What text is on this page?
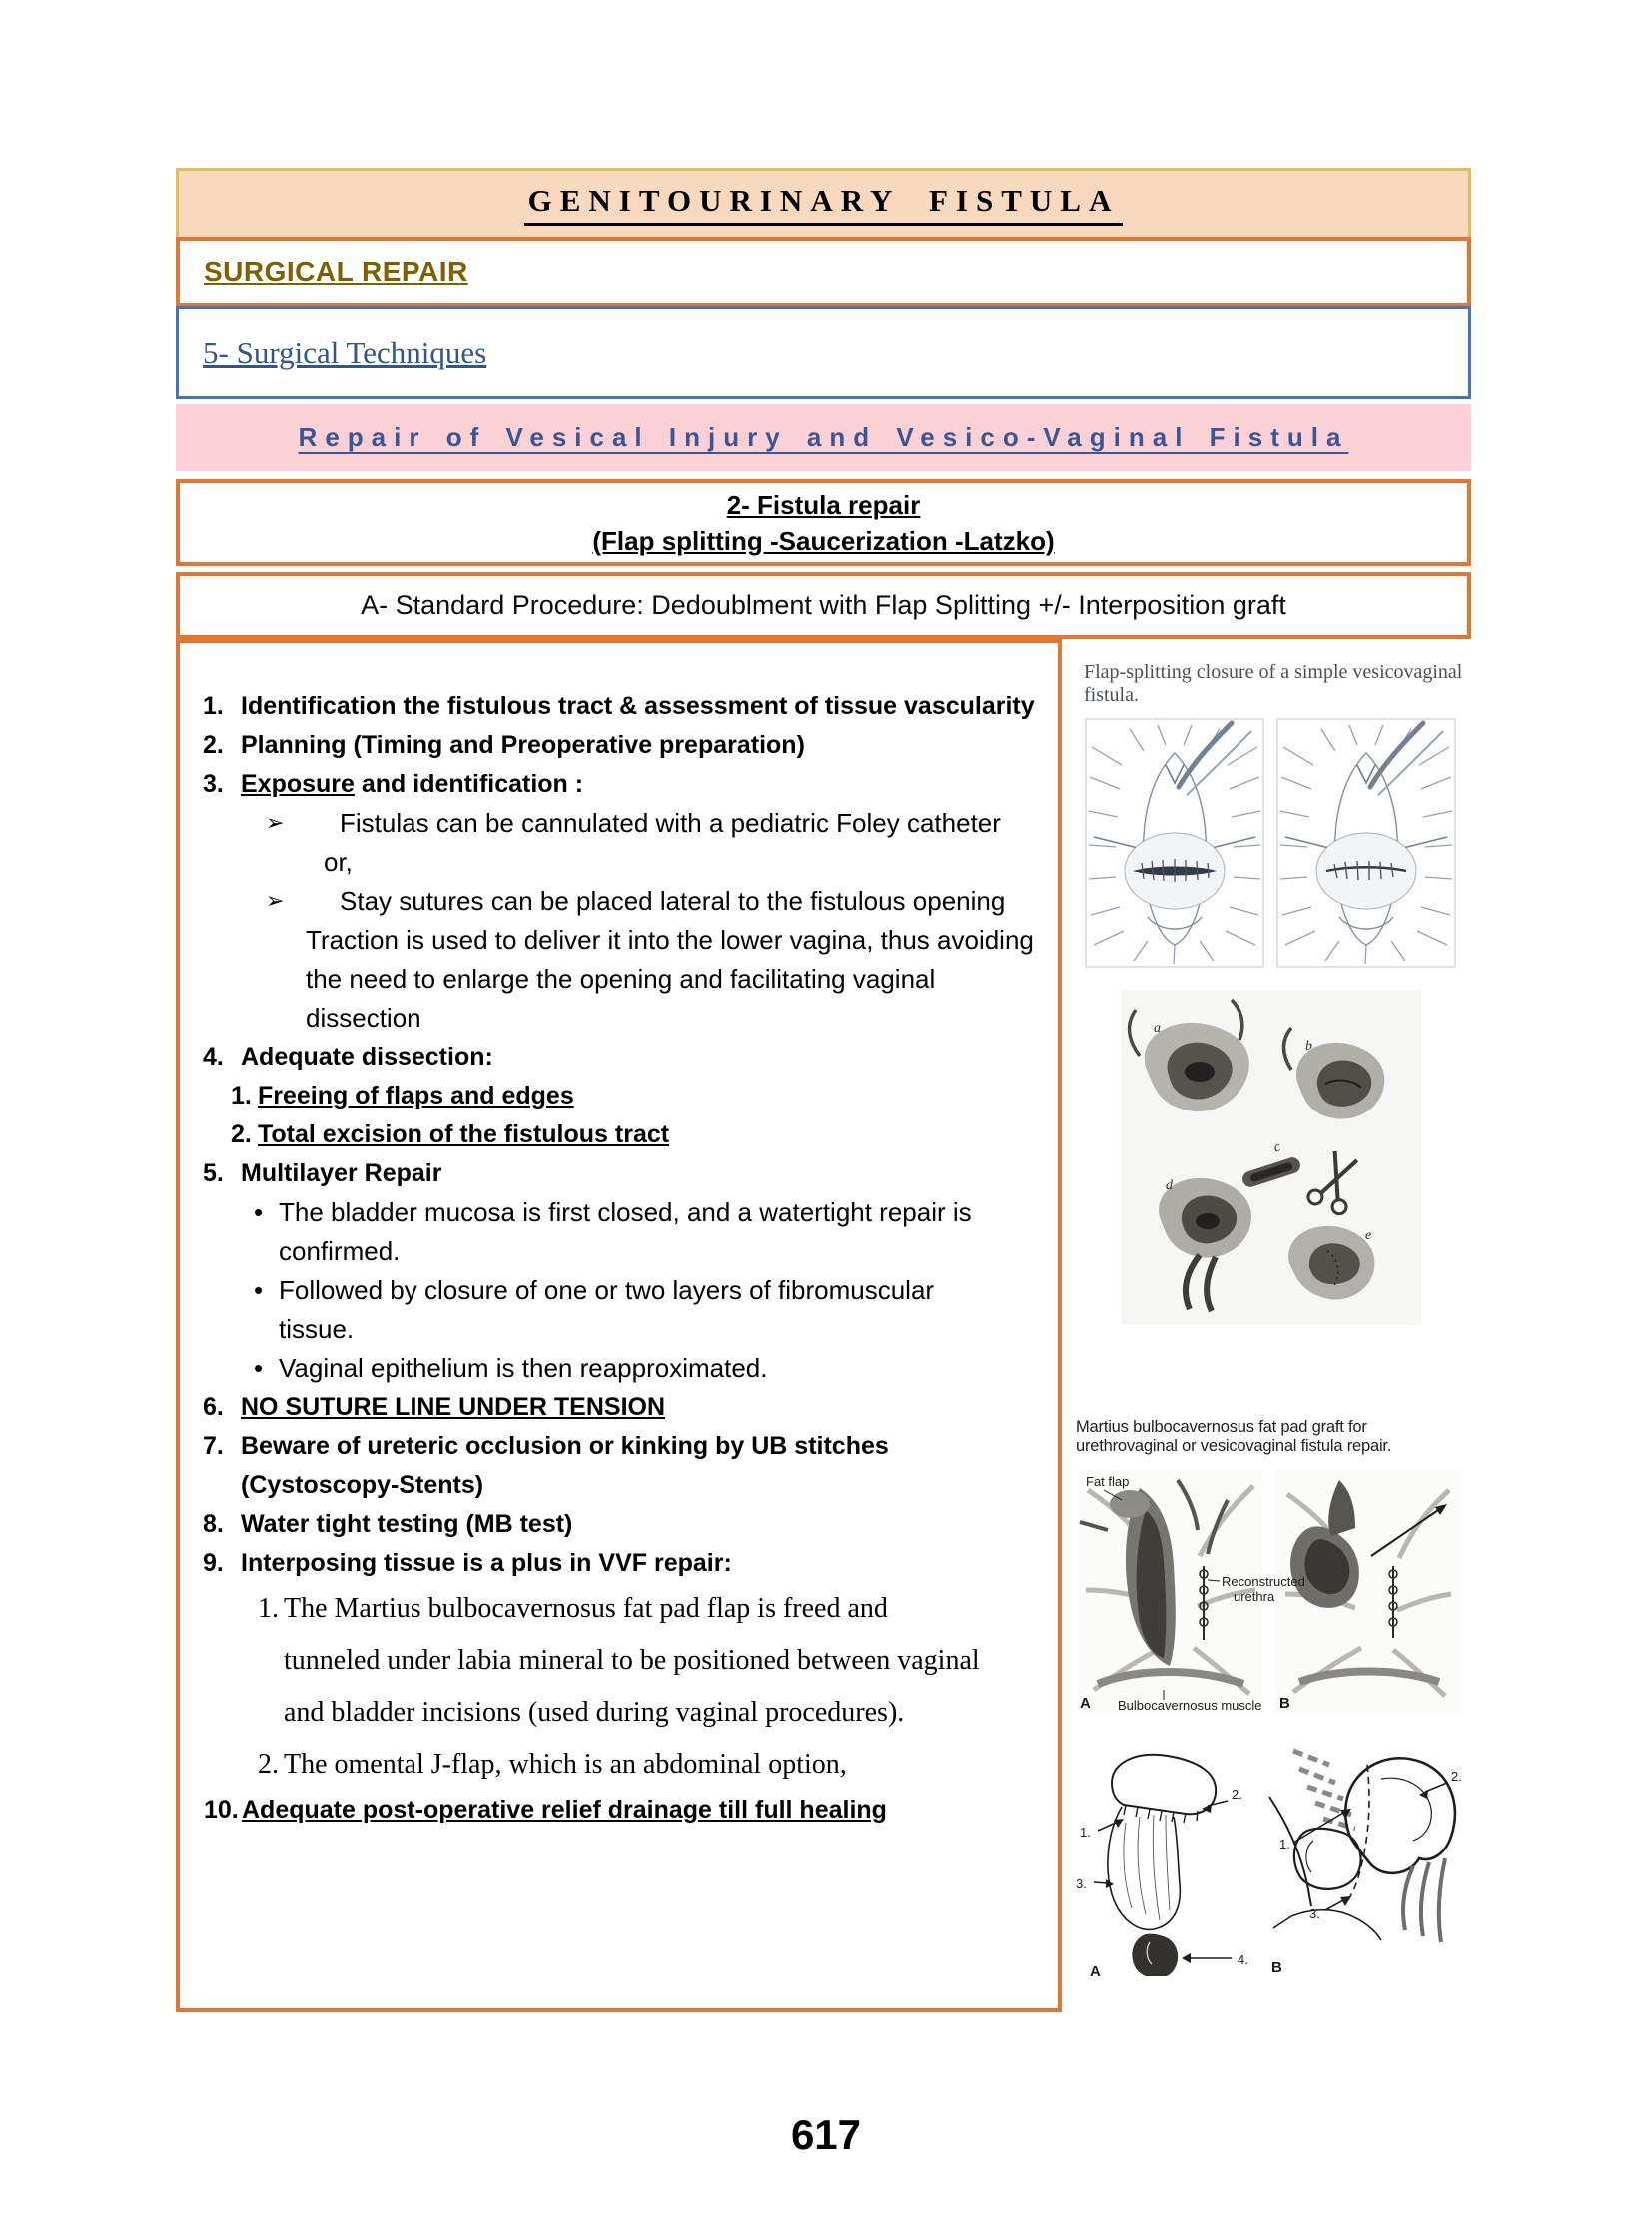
GENITOURINARY FISTULA
SURGICAL REPAIR
5- Surgical Techniques
Repair of Vesical Injury and Vesico-Vaginal Fistula
2- Fistula repair
(Flap splitting -Saucerization -Latzko)
A- Standard Procedure: Dedoublment with Flap Splitting +/- Interposition graft
1. Identification the fistulous tract & assessment of tissue vascularity
2. Planning (Timing and Preoperative preparation)
3. Exposure and identification :
➢	Fistulas can be cannulated with a pediatric Foley catheter or,
➢	Stay sutures can be placed lateral to the fistulous opening
Traction is used to deliver it into the lower vagina, thus avoiding the need to enlarge the opening and facilitating vaginal dissection
4. Adequate dissection:
1. Freeing of flaps and edges
2. Total excision of the fistulous tract
5. Multilayer Repair
• The bladder mucosa is first closed, and a watertight repair is confirmed.
• Followed by closure of one or two layers of fibromuscular tissue.
• Vaginal epithelium is then reapproximated.
6. NO SUTURE LINE UNDER TENSION
7. Beware of ureteric occlusion or kinking by UB stitches (Cystoscopy-Stents)
8. Water tight testing (MB test)
9. Interposing tissue is a plus in VVF repair:
1. The Martius bulbocavernosus fat pad flap is freed and tunneled under labia mineral to be positioned between vaginal and bladder incisions (used during vaginal procedures).
2. The omental J-flap, which is an abdominal option,
10. Adequate post-operative relief drainage till full healing
Flap-splitting closure of a simple vesicovaginal fistula.
a
b
c
d
e
Martius bulbocavernosus fat pad graft for urethrovaginal or vesicovaginal fistula repair.
Fat flap
A Bulbocavernosus muscle B
Reconstructed
urethra
1.
2.
3.
4.
A
1.
2.
3.
B
617
